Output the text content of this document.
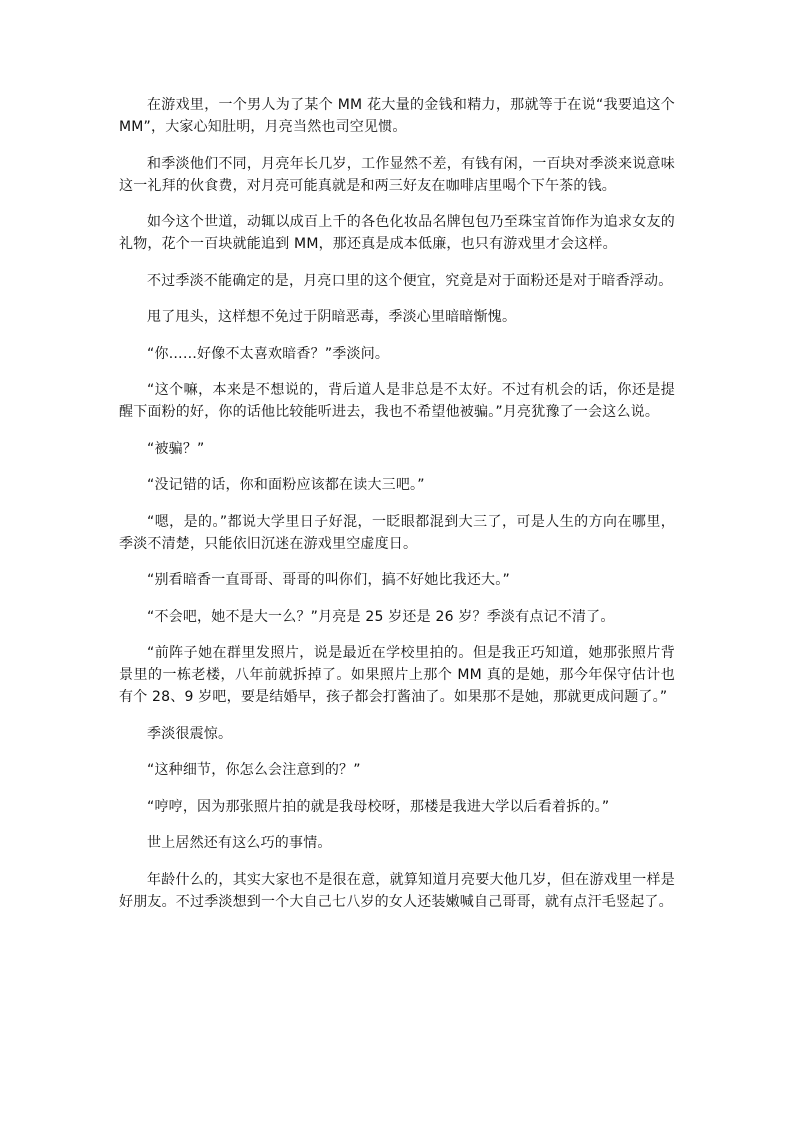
在游戏里，一个男人为了某个 MM 花大量的金钱和精力，那就等于在说“我要追这个 MM”，大家心知肚明，月亮当然也司空见惯。

和季淡他们不同，月亮年长几岁，工作显然不差，有钱有闲，一百块对季淡来说意味这一礼拜的伙食费，对月亮可能真就是和两三好友在咖啡店里喝个下午茶的钱。

如今这个世道，动辄以成百上千的各色化妆品名牌包包乃至珠宝首饰作为追求女友的礼物，花个一百块就能追到 MM，那还真是成本低廉，也只有游戏里才会这样。

不过季淡不能确定的是，月亮口里的这个便宜，究竟是对于面粉还是对于暗香浮动。

甩了甩头，这样想不免过于阴暗恶毒，季淡心里暗暗惭愧。

“你……好像不太喜欢暗香？”季淡问。

“这个嘛，本来是不想说的，背后道人是非总是不太好。不过有机会的话，你还是提醒下面粉的好，你的话他比较能听进去，我也不希望他被骗。”月亮犹豫了一会这么说。

“被骗？”

“没记错的话，你和面粉应该都在读大三吧。”

“嗯，是的。”都说大学里日子好混，一眨眼都混到大三了，可是人生的方向在哪里，季淡不清楚，只能依旧沉迷在游戏里空虚度日。

“别看暗香一直哥哥、哥哥的叫你们，搞不好她比我还大。”

“不会吧，她不是大一么？”月亮是 25 岁还是 26 岁？季淡有点记不清了。

“前阵子她在群里发照片，说是最近在学校里拍的。但是我正巧知道，她那张照片背景里的一栋老楼，八年前就拆掉了。如果照片上那个 MM 真的是她，那今年保守估计也有个 28、9 岁吧，要是结婚早，孩子都会打酱油了。如果那不是她，那就更成问题了。”

季淡很震惊。

“这种细节，你怎么会注意到的？”

“哼哼，因为那张照片拍的就是我母校呀，那楼是我进大学以后看着拆的。”

世上居然还有这么巧的事情。

年龄什么的，其实大家也不是很在意，就算知道月亮要大他几岁，但在游戏里一样是好朋友。不过季淡想到一个大自己七八岁的女人还装嫩喊自己哥哥，就有点汗毛竖起了。
